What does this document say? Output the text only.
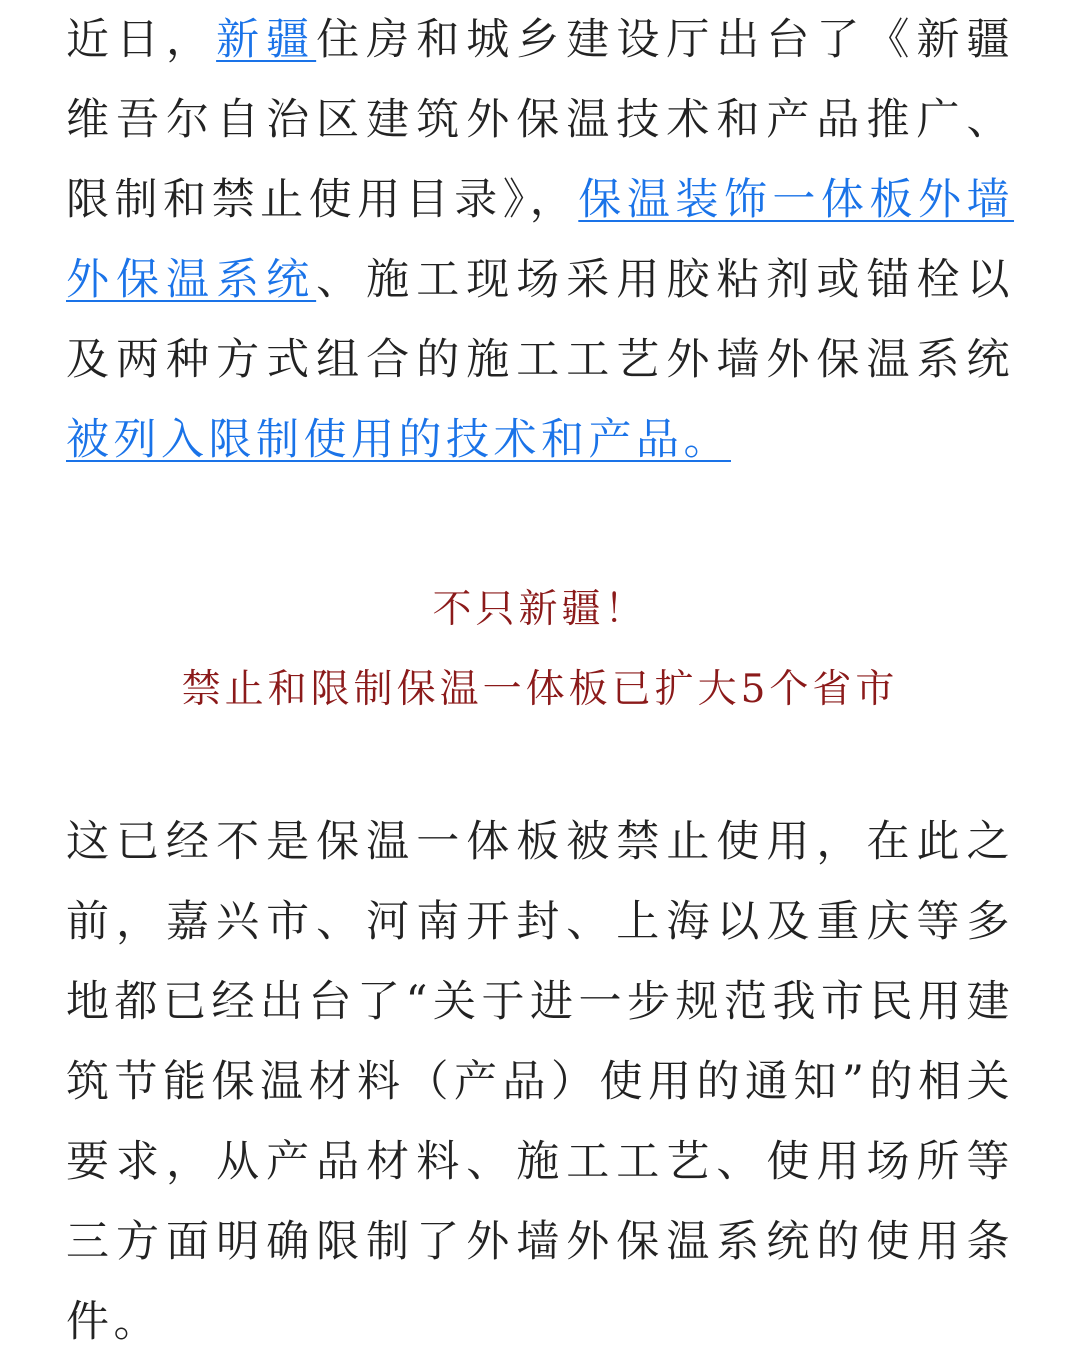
近日，新疆住房和城乡建设厅出台了《新疆维吾尔自治区建筑外保温技术和产品推广、限制和禁止使用目录》，保温装饰一体板外墙外保温系统、施工现场采用胶粘剂或锚栓以及两种方式组合的施工工艺外墙外保温系统被列入限制使用的技术和产品。

不只新疆！

禁止和限制保温一体板已扩大5个省市

这已经不是保温一体板被禁止使用，在此之前，嘉兴市、河南开封、上海以及重庆等多地都已经出台了“关于进一步规范我市民用建筑节能保温材料（产品）使用的通知”的相关要求，从产品材料、施工工艺、使用场所等三方面明确限制了外墙外保温系统的使用条件。
